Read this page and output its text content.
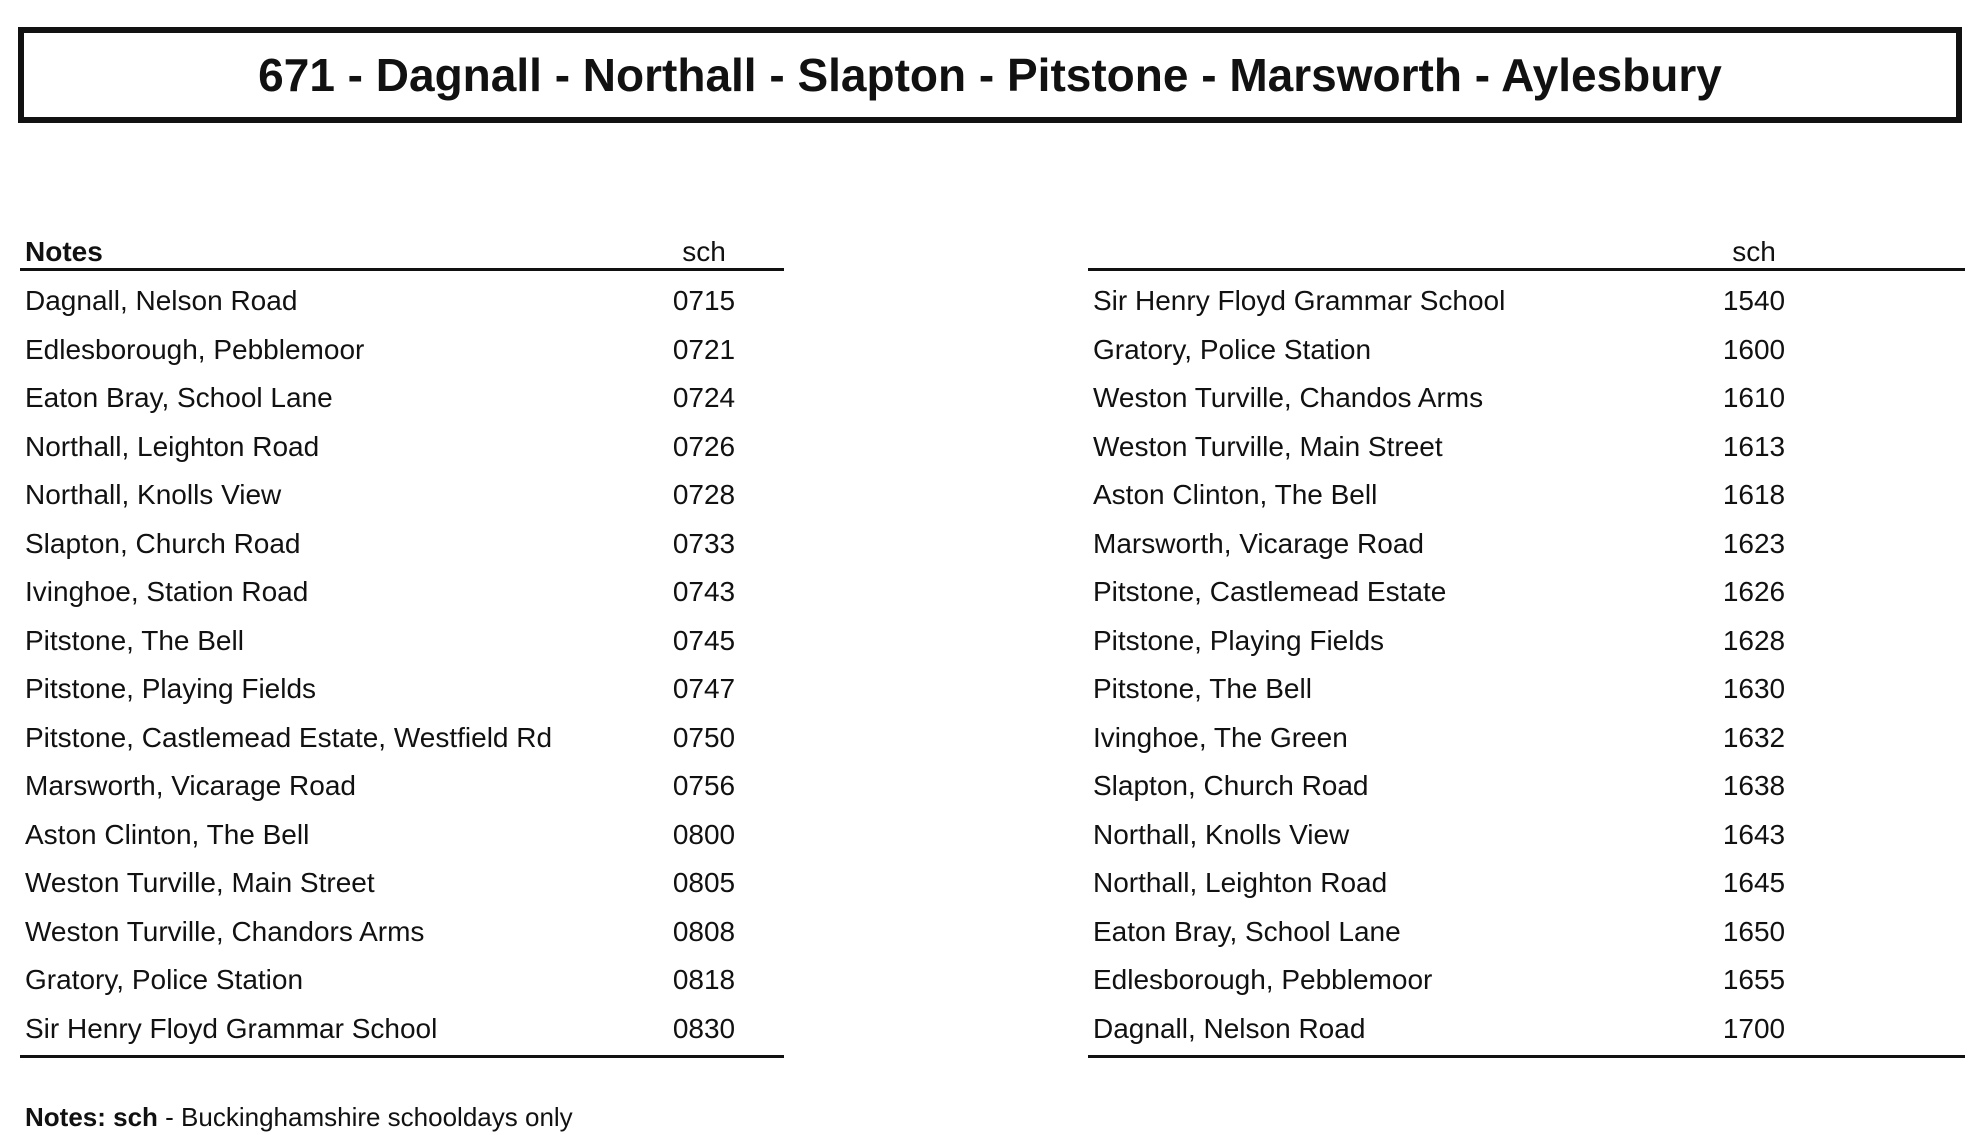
671 - Dagnall - Northall - Slapton - Pitstone - Marsworth - Aylesbury
Notes	sch
Dagnall, Nelson Road	0715
Edlesborough, Pebblemoor	0721
Eaton Bray, School Lane	0724
Northall, Leighton Road	0726
Northall, Knolls View	0728
Slapton, Church Road	0733
Ivinghoe, Station Road	0743
Pitstone, The Bell	0745
Pitstone, Playing Fields	0747
Pitstone, Castlemead Estate, Westfield Rd	0750
Marsworth, Vicarage Road	0756
Aston Clinton, The Bell	0800
Weston Turville, Main Street	0805
Weston Turville, Chandors Arms	0808
Gratory, Police Station	0818
Sir Henry Floyd Grammar School	0830
sch
Sir Henry Floyd Grammar School	1540
Gratory, Police Station	1600
Weston Turville, Chandos Arms	1610
Weston Turville, Main Street	1613
Aston Clinton, The Bell	1618
Marsworth, Vicarage Road	1623
Pitstone, Castlemead Estate	1626
Pitstone, Playing Fields	1628
Pitstone, The Bell	1630
Ivinghoe, The Green	1632
Slapton, Church Road	1638
Northall, Knolls View	1643
Northall, Leighton Road	1645
Eaton Bray, School Lane	1650
Edlesborough, Pebblemoor	1655
Dagnall, Nelson Road	1700
Notes: sch - Buckinghamshire schooldays only
